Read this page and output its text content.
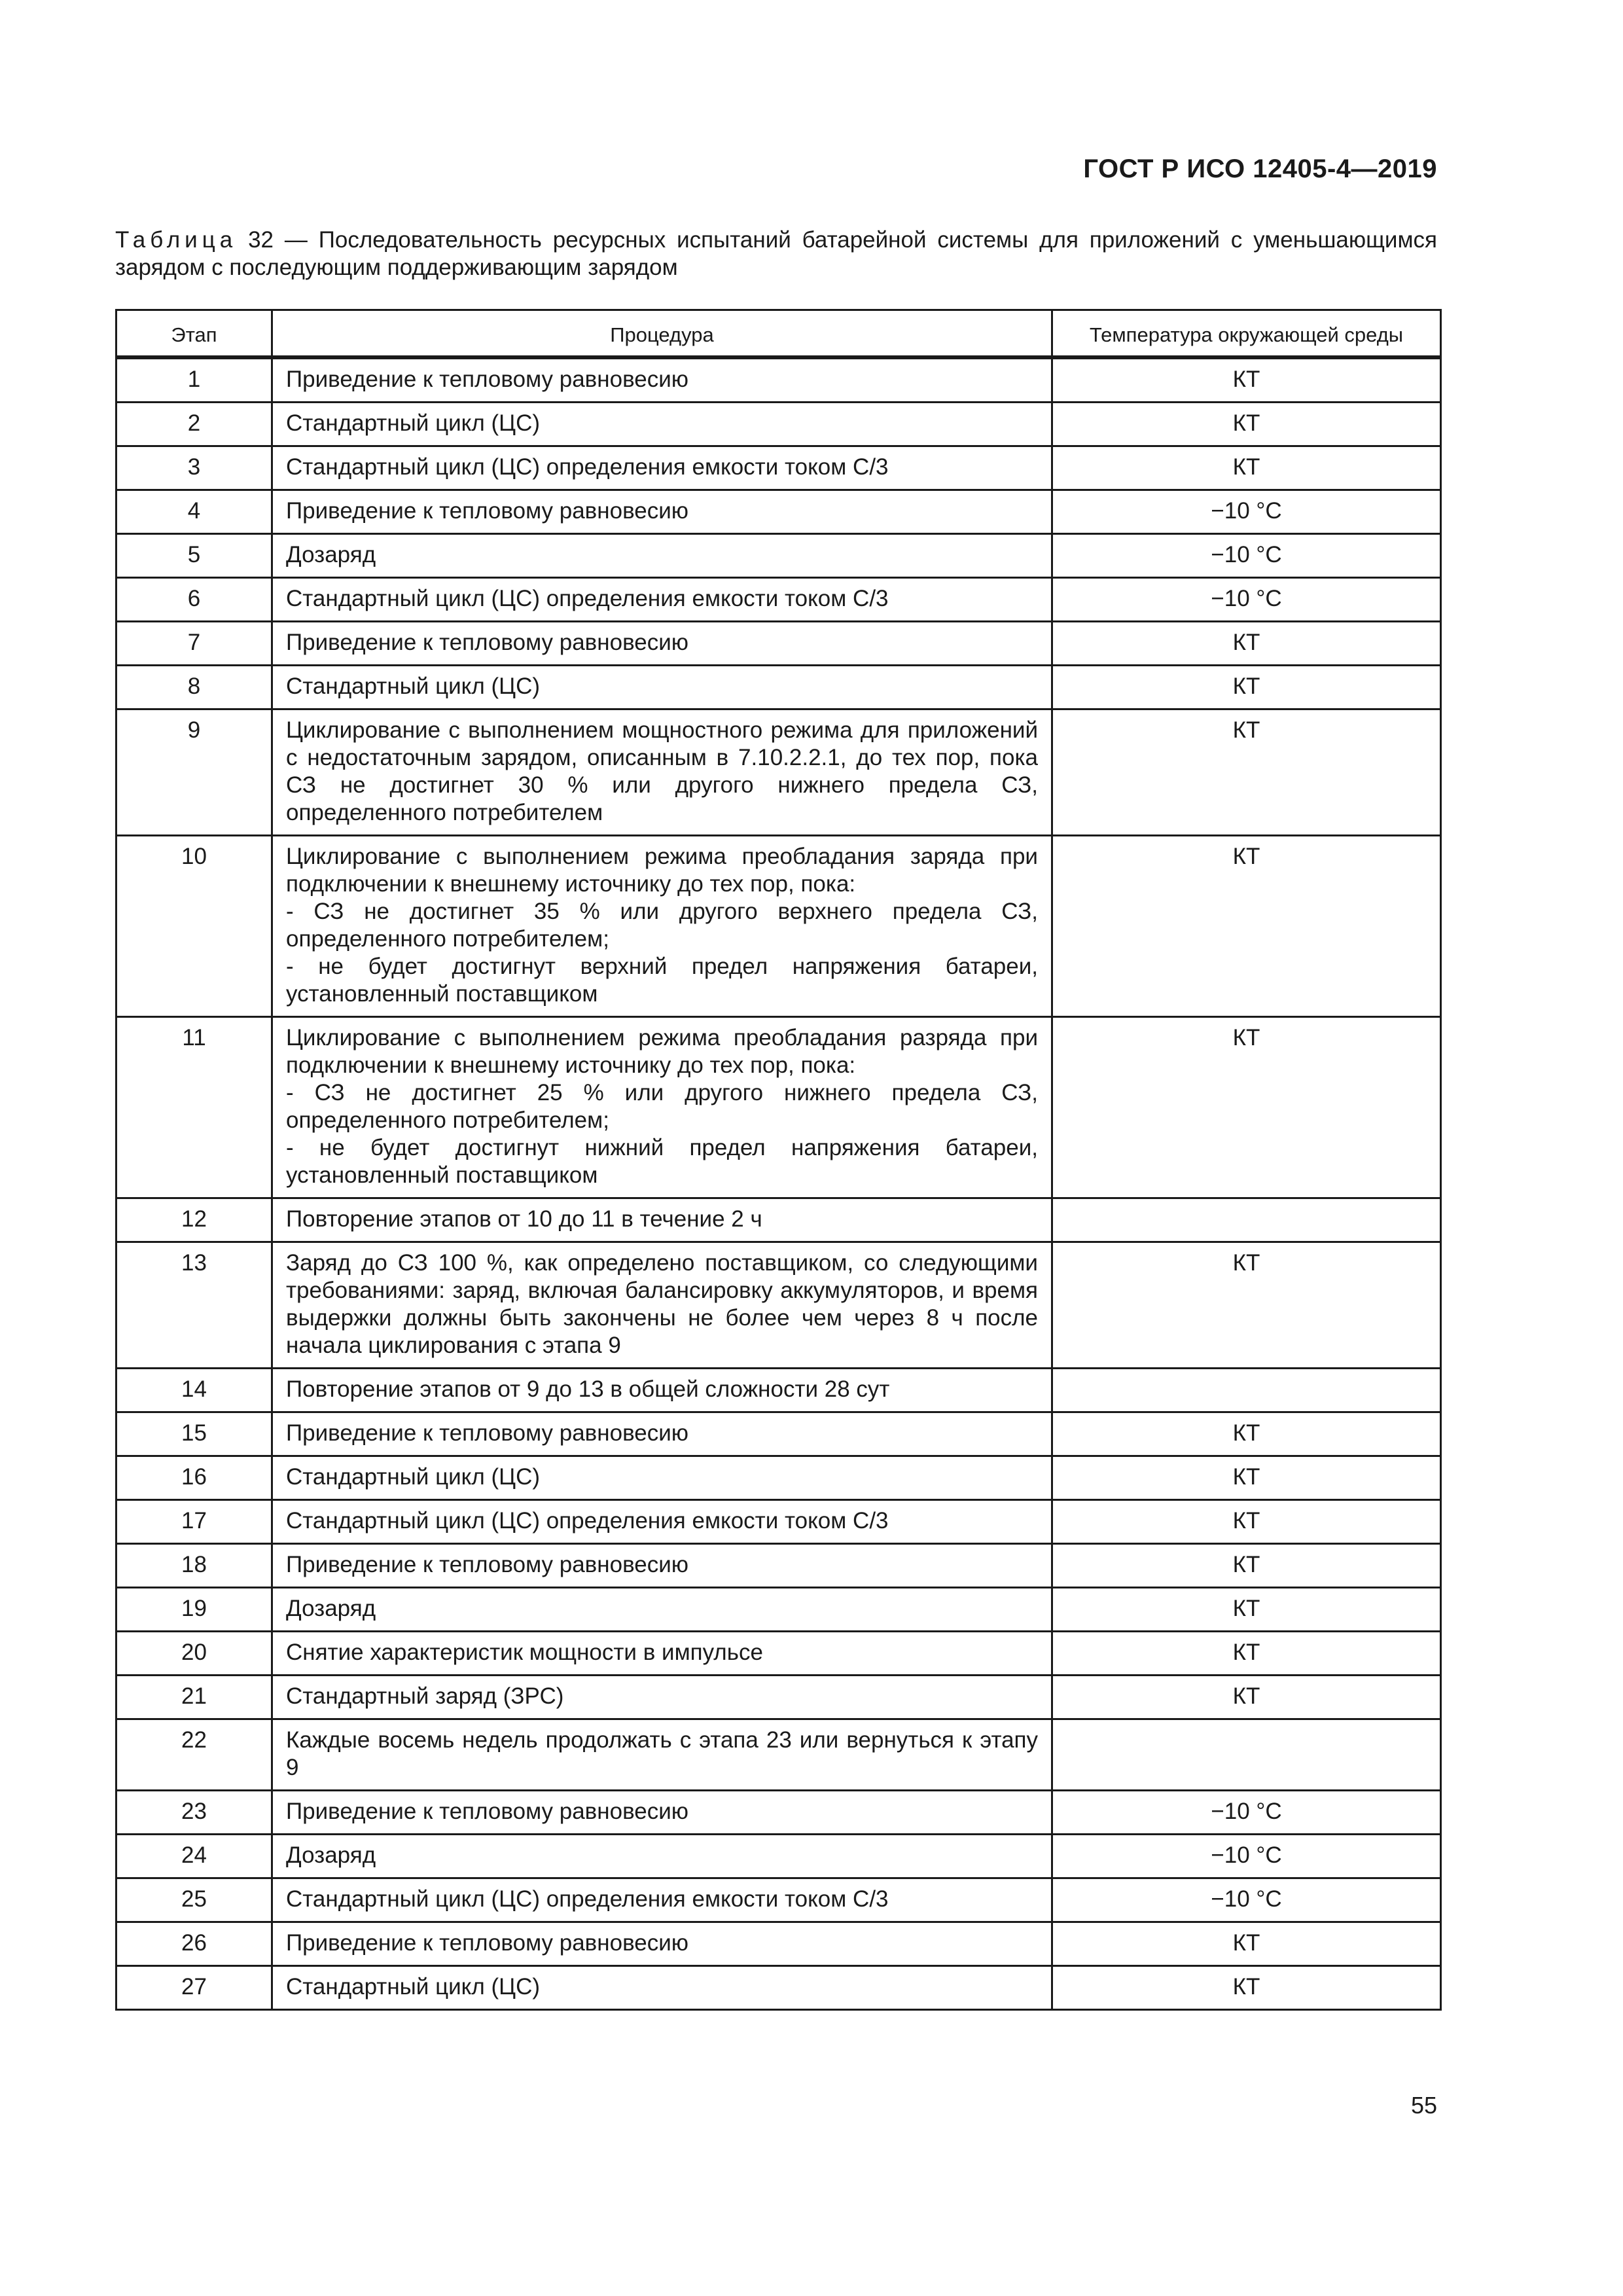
ГОСТ Р ИСО 12405-4—2019
Таблица 32 — Последовательность ресурсных испытаний батарейной системы для приложений с уменьшающимся зарядом с последующим поддерживающим зарядом
Этап	Процедура	Температура окружающей среды
1	Приведение к тепловому равновесию	КТ
2	Стандартный цикл (ЦС)	КТ
3	Стандартный цикл (ЦС) определения емкости током С/3	КТ
4	Приведение к тепловому равновесию	−10 °С
5	Дозаряд	−10 °С
6	Стандартный цикл (ЦС) определения емкости током С/3	−10 °С
7	Приведение к тепловому равновесию	КТ
8	Стандартный цикл (ЦС)	КТ
9	Циклирование с выполнением мощностного режима для приложений с недостаточным зарядом, описанным в 7.10.2.2.1, до тех пор, пока СЗ не достигнет 30 % или другого нижнего предела СЗ, определенного потребителем	КТ
10	Циклирование с выполнением режима преобладания заряда при подключении к внешнему источнику до тех пор, пока:
- СЗ не достигнет 35 % или другого верхнего предела СЗ, определенного потребителем;
- не будет достигнут верхний предел напряжения батареи, установленный поставщиком	КТ
11	Циклирование с выполнением режима преобладания разряда при подключении к внешнему источнику до тех пор, пока:
- СЗ не достигнет 25 % или другого нижнего предела СЗ, определенного потребителем;
- не будет достигнут нижний предел напряжения батареи, установленный поставщиком	КТ
12	Повторение этапов от 10 до 11 в течение 2 ч	
13	Заряд до СЗ 100 %, как определено поставщиком, со следующими требованиями: заряд, включая балансировку аккумуляторов, и время выдержки должны быть закончены не более чем через 8 ч после начала циклирования с этапа 9	КТ
14	Повторение этапов от 9 до 13 в общей сложности 28 сут	
15	Приведение к тепловому равновесию	КТ
16	Стандартный цикл (ЦС)	КТ
17	Стандартный цикл (ЦС) определения емкости током С/3	КТ
18	Приведение к тепловому равновесию	КТ
19	Дозаряд	КТ
20	Снятие характеристик мощности в импульсе	КТ
21	Стандартный заряд (ЗРС)	КТ
22	Каждые восемь недель продолжать с этапа 23 или вернуться к этапу 9	
23	Приведение к тепловому равновесию	−10 °С
24	Дозаряд	−10 °С
25	Стандартный цикл (ЦС) определения емкости током С/3	−10 °С
26	Приведение к тепловому равновесию	КТ
27	Стандартный цикл (ЦС)	КТ
55
